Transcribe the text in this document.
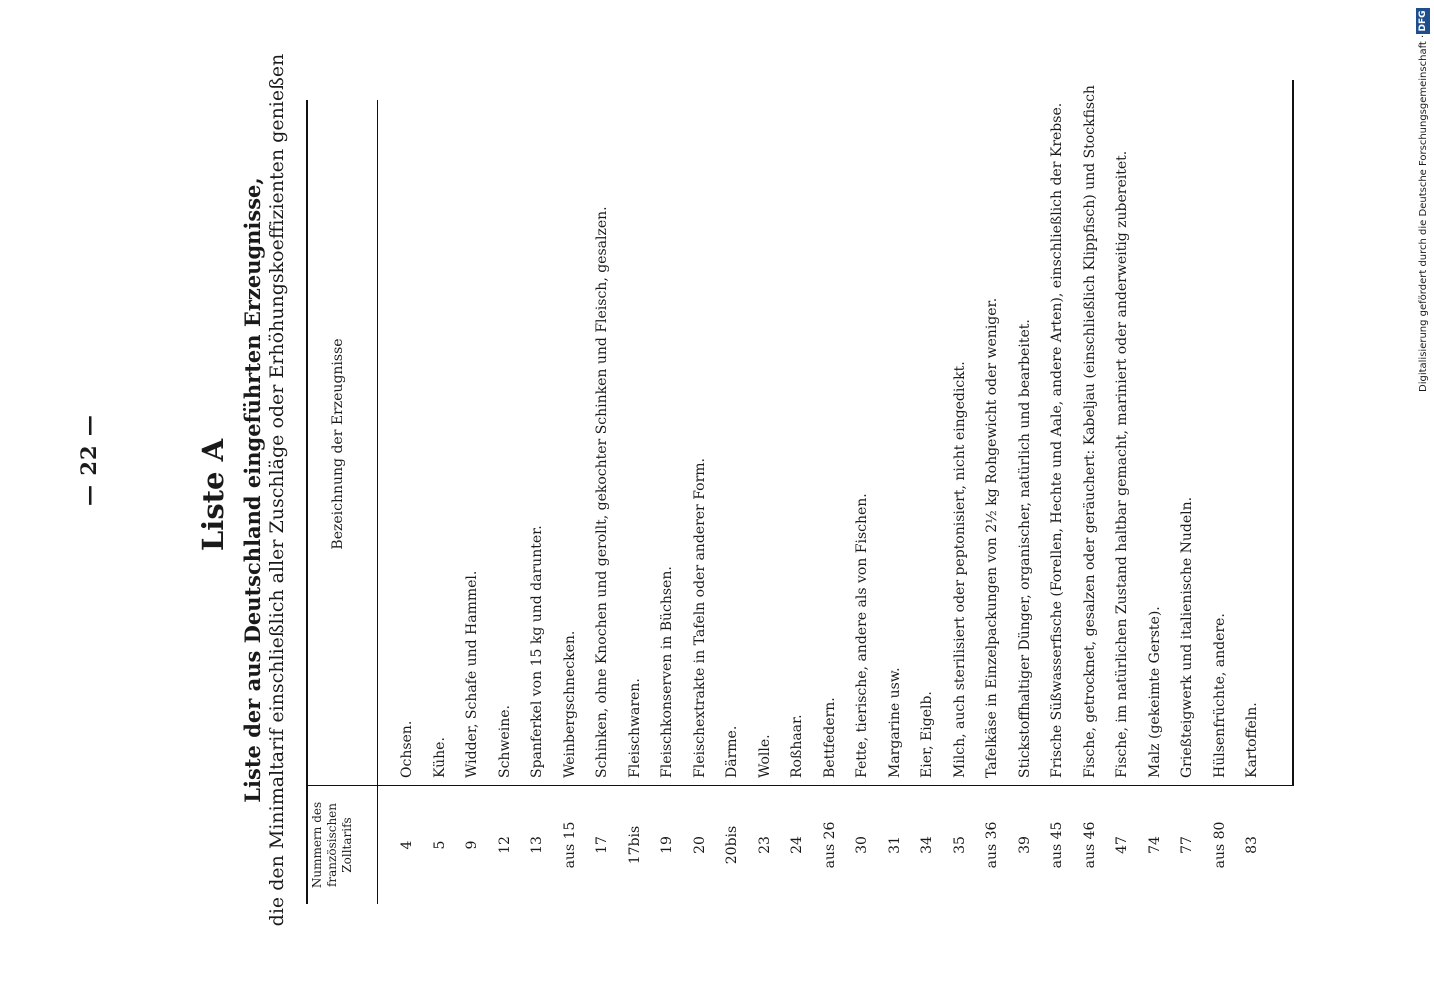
— 22 —	Liste A Liste der aus Deutschland eingeführten Erzeugnisse, die den Minimaltarif einschließlich aller Zuschläge oder Erhöhungskoeffizienten genießen Nummern des französischen Zolltarifs
Bezeichnung der Erzeugnisse
4
Ochsen.
5
Kühe.
9
Widder, Schafe und Hammel.
12
Schweine.
13
Spanferkel von 15 kg und darunter.
aus 15
Weinbergschnecken.
17
Schinken, ohne Knochen und gerollt, gekochter Schinken und Fleisch, gesalzen.
17bis
Fleischwaren.
19
Fleischkonserven in Büchsen.
20
Fleischextrakte in Tafeln oder anderer Form.
20bis
Därme.
23
Wolle.
24
Roßhaar.
aus 26
Bettfedern.
30
Fette, tierische, andere als von Fischen.
31
Margarine usw.
34
Eier, Eigelb.
35
Milch, auch sterilisiert oder peptonisiert, nicht eingedickt.
aus 36
Tafelkäse in Einzelpackungen von 2½ kg Rohgewicht oder weniger.
39
Stickstoffhaltiger Dünger, organischer, natürlich und bearbeitet.
aus 45
Frische Süßwasserfische (Forellen, Hechte und Aale, andere Arten), einschließlich der Krebse.
aus 46
Fische, getrocknet, gesalzen oder geräuchert: Kabeljau (einschließlich Klippfisch) und Stockfisch
47
Fische, im natürlichen Zustand haltbar gemacht, mariniert oder anderweitig zubereitet.
74
Malz (gekeimte Gerste).
77
Grießteigwerk und italienische Nudeln.
aus 80
Hülsenfrüchte, andere.
83
Kartoffeln.
Digitalisierung gefördert durch die Deutsche Forschungsgemeinschaft ·
DFG
